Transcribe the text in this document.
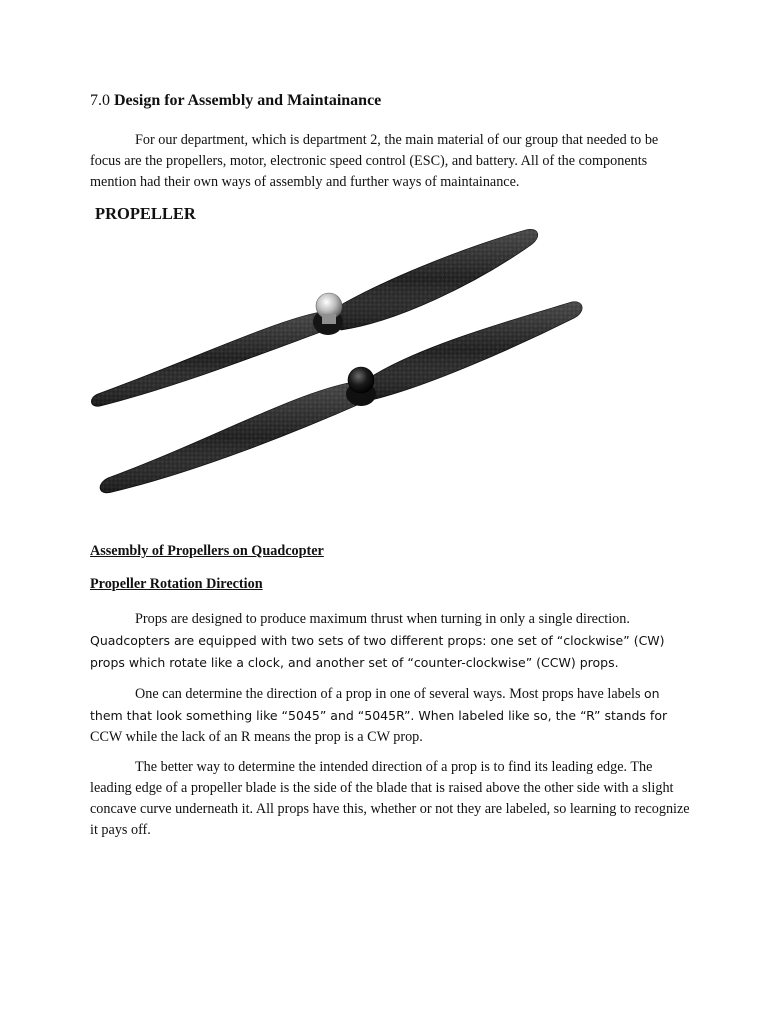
7.0 Design for Assembly and Maintainance

For our department, which is department 2, the main material of our group that needed to be focus are the propellers, motor, electronic speed control (ESC), and battery. All of the components mention had their own ways of assembly and further ways of maintainance.

PROPELLER
Assembly of Propellers on Quadcopter
Propeller Rotation Direction

Props are designed to produce maximum thrust when turning in only a single direction. Quadcopters are equipped with two sets of two different props: one set of “clockwise” (CW) props which rotate like a clock, and another set of “counter-clockwise” (CCW) props.

One can determine the direction of a prop in one of several ways. Most props have labels on them that look something like “5045” and “5045R”. When labeled like so, the “R” stands for CCW while the lack of an R means the prop is a CW prop.

The better way to determine the intended direction of a prop is to find its leading edge. The leading edge of a propeller blade is the side of the blade that is raised above the other side with a slight concave curve underneath it. All props have this, whether or not they are labeled, so learning to recognize it pays off.
